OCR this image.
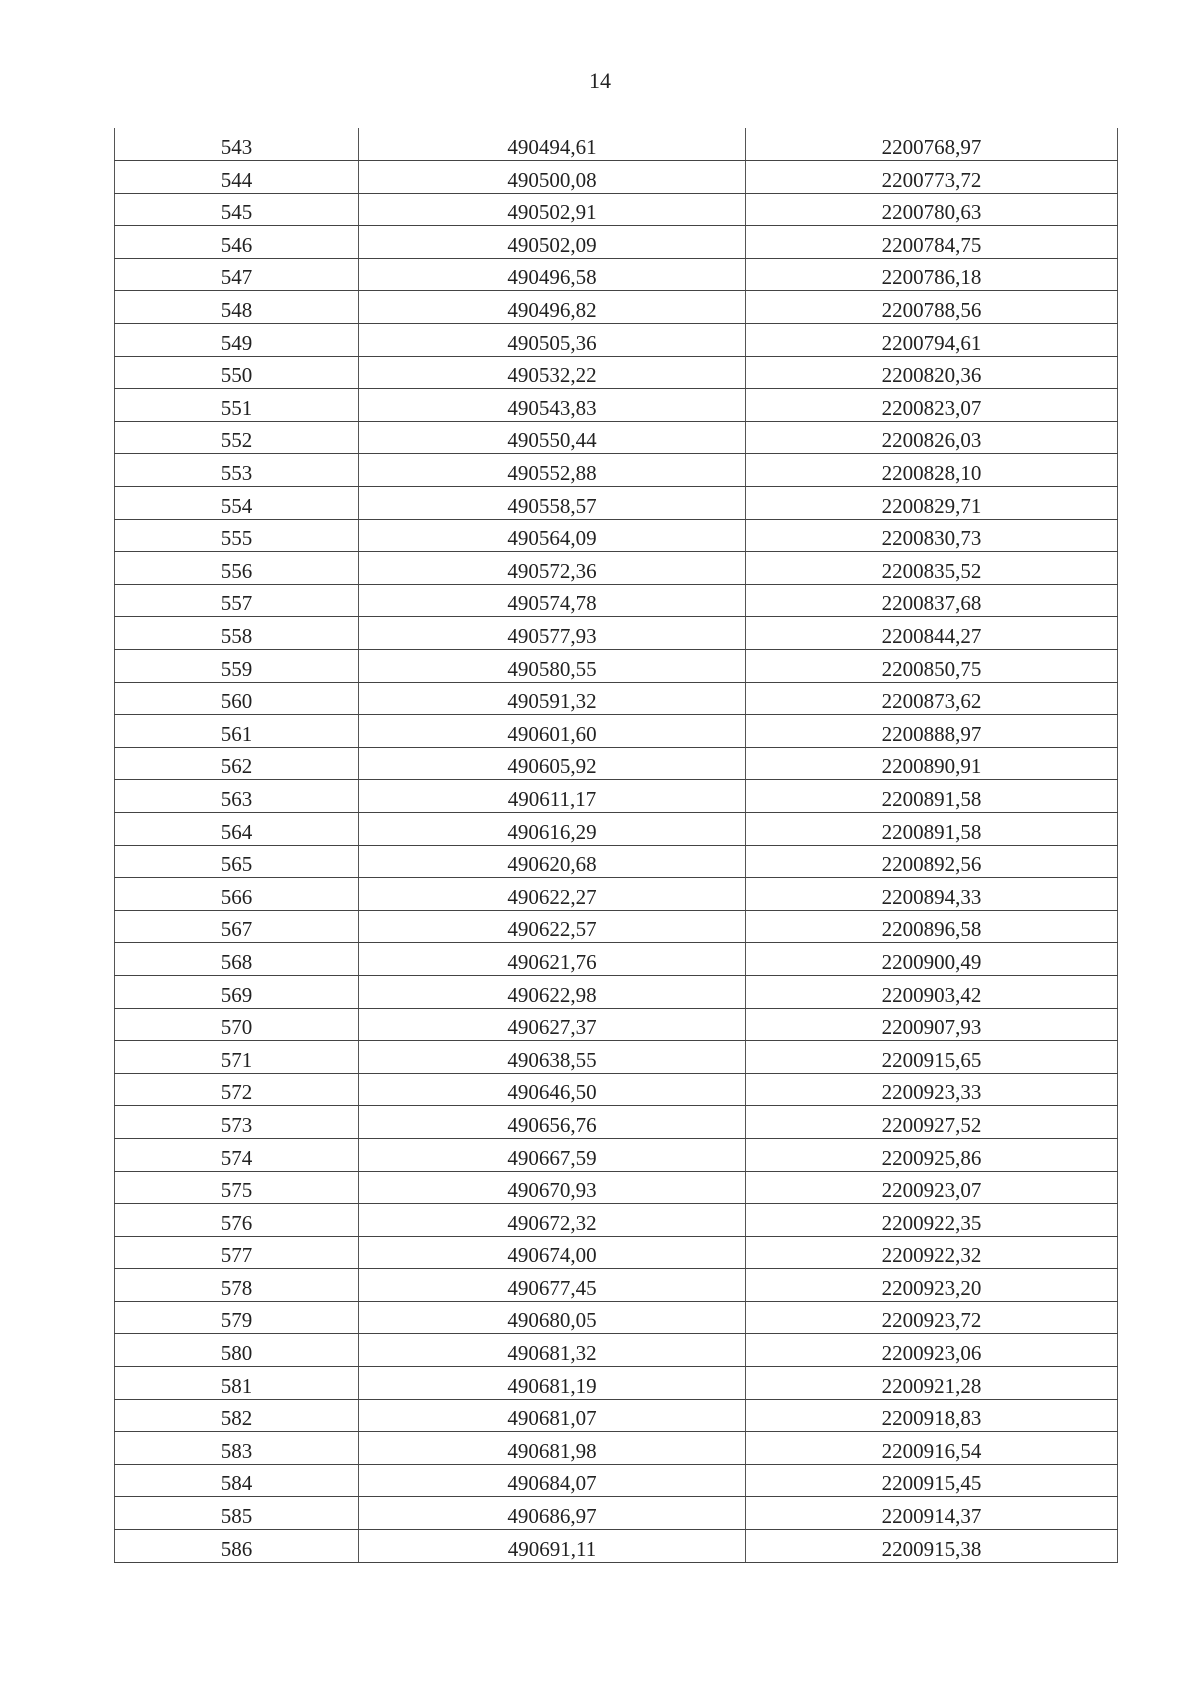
14
543	490494,61	2200768,97
544	490500,08	2200773,72
545	490502,91	2200780,63
546	490502,09	2200784,75
547	490496,58	2200786,18
548	490496,82	2200788,56
549	490505,36	2200794,61
550	490532,22	2200820,36
551	490543,83	2200823,07
552	490550,44	2200826,03
553	490552,88	2200828,10
554	490558,57	2200829,71
555	490564,09	2200830,73
556	490572,36	2200835,52
557	490574,78	2200837,68
558	490577,93	2200844,27
559	490580,55	2200850,75
560	490591,32	2200873,62
561	490601,60	2200888,97
562	490605,92	2200890,91
563	490611,17	2200891,58
564	490616,29	2200891,58
565	490620,68	2200892,56
566	490622,27	2200894,33
567	490622,57	2200896,58
568	490621,76	2200900,49
569	490622,98	2200903,42
570	490627,37	2200907,93
571	490638,55	2200915,65
572	490646,50	2200923,33
573	490656,76	2200927,52
574	490667,59	2200925,86
575	490670,93	2200923,07
576	490672,32	2200922,35
577	490674,00	2200922,32
578	490677,45	2200923,20
579	490680,05	2200923,72
580	490681,32	2200923,06
581	490681,19	2200921,28
582	490681,07	2200918,83
583	490681,98	2200916,54
584	490684,07	2200915,45
585	490686,97	2200914,37
586	490691,11	2200915,38
